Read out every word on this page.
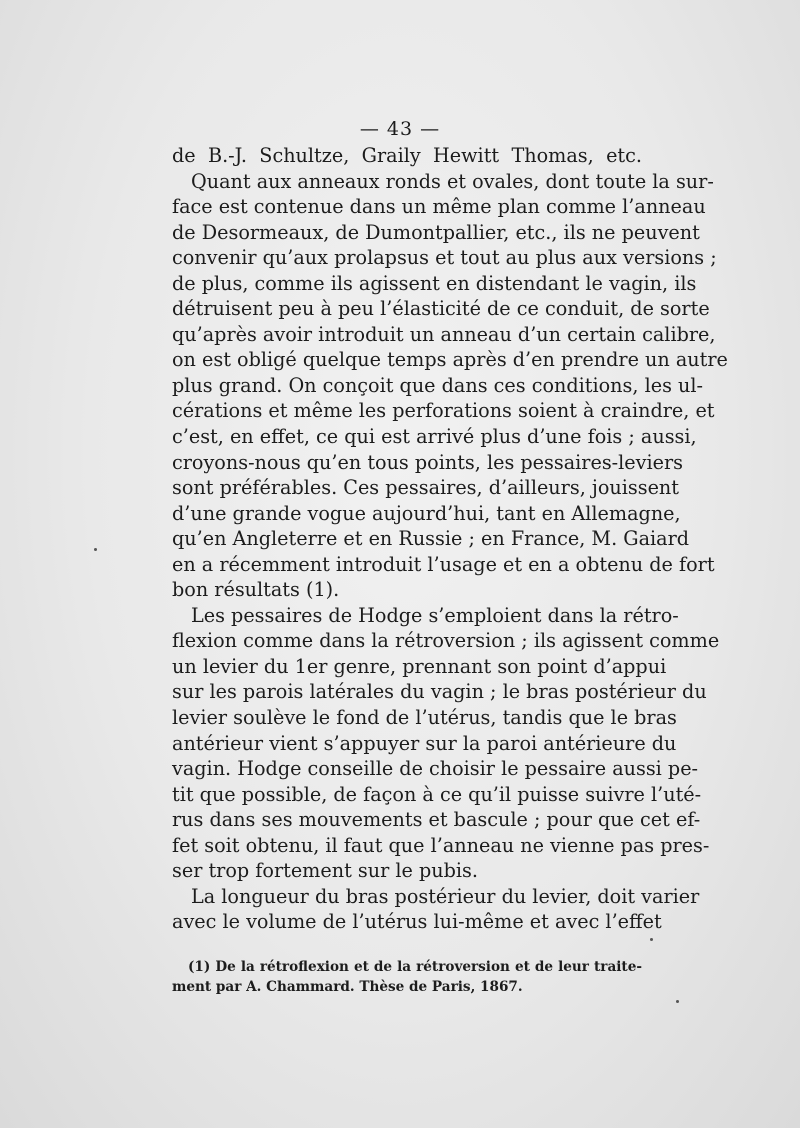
— 43 —
de B.-J. Schultze, Graily Hewitt Thomas, etc.
Quant aux anneaux ronds et ovales, dont toute la sur-
face est contenue dans un même plan comme l’anneau
de Desormeaux, de Dumontpallier, etc., ils ne peuvent
convenir qu’aux prolapsus et tout au plus aux versions ;
de plus, comme ils agissent en distendant le vagin, ils
détruisent peu à peu l’élasticité de ce conduit, de sorte
qu’après avoir introduit un anneau d’un certain calibre,
on est obligé quelque temps après d’en prendre un autre
plus grand. On conçoit que dans ces conditions, les ul-
cérations et même les perforations soient à craindre, et
c’est, en effet, ce qui est arrivé plus d’une fois ; aussi,
croyons-nous qu’en tous points, les pessaires-leviers
sont préférables. Ces pessaires, d’ailleurs, jouissent
d’une grande vogue aujourd’hui, tant en Allemagne,
qu’en Angleterre et en Russie ; en France, M. Gaiard
en a récemment introduit l’usage et en a obtenu de fort
bon résultats (1).
Les pessaires de Hodge s’emploient dans la rétro-
flexion comme dans la rétroversion ; ils agissent comme
un levier du 1er genre, prennant son point d’appui
sur les parois latérales du vagin ; le bras postérieur du
levier soulève le fond de l’utérus, tandis que le bras
antérieur vient s’appuyer sur la paroi antérieure du
vagin. Hodge conseille de choisir le pessaire aussi pe-
tit que possible, de façon à ce qu’il puisse suivre l’uté-
rus dans ses mouvements et bascule ; pour que cet ef-
fet soit obtenu, il faut que l’anneau ne vienne pas pres-
ser trop fortement sur le pubis.
La longueur du bras postérieur du levier, doit varier
avec le volume de l’utérus lui-même et avec l’effet
(1) De la rétroflexion et de la rétroversion et de leur traite-
ment par A. Chammard. Thèse de Paris, 1867.
